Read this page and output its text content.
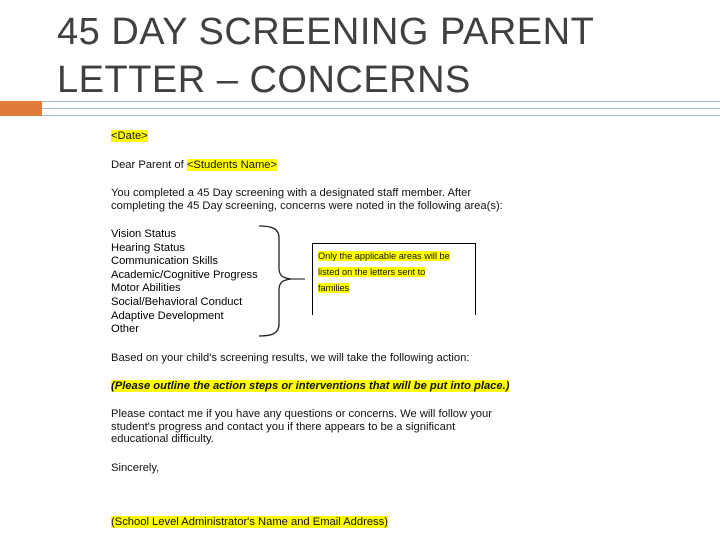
45 DAY SCREENING PARENT
LETTER – CONCERNS
<Date>
Dear Parent of <Students Name>
You completed a 45 Day screening with a designated staff member. After
completing the 45 Day screening, concerns were noted in the following area(s):
Vision Status
Hearing Status
Communication Skills
Academic/Cognitive Progress
Motor Abilities
Social/Behavioral Conduct
Adaptive Development
Other
Only the applicable areas will be
listed on the letters sent to
families
Based on your child's screening results, we will take the following action:
(Please outline the action steps or interventions that will be put into place.)
Please contact me if you have any questions or concerns. We will follow your
student's progress and contact you if there appears to be a significant
educational difficulty.
Sincerely,
(School Level Administrator's Name and Email Address)
